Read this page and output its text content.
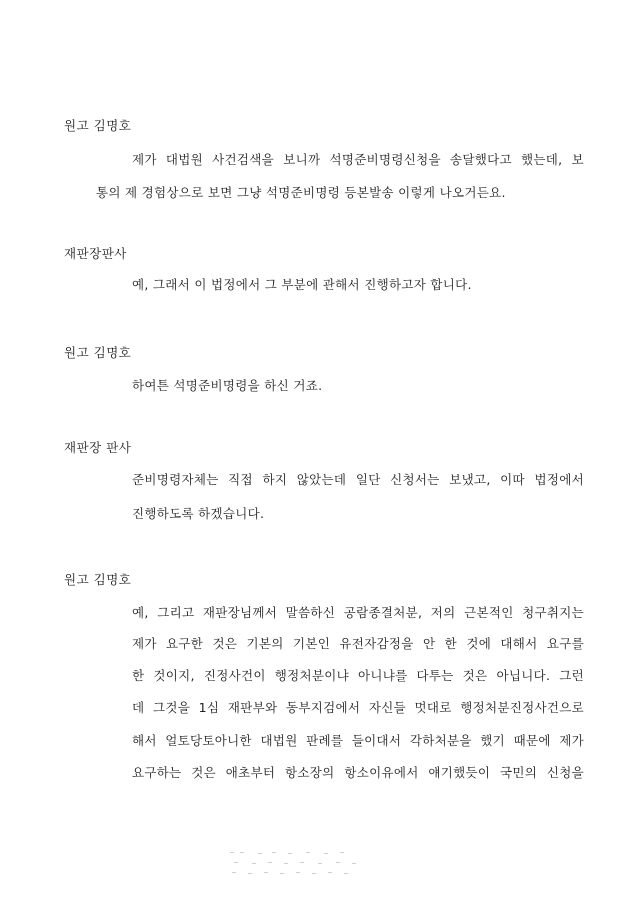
원고 김명호
제가 대법원 사건검색을 보니까 석명준비명령신청을 송달했다고 했는데, 보
통의 제 경험상으로 보면 그냥 석명준비명령 등본발송 이렇게 나오거든요.
재판장판사
예, 그래서 이 법정에서 그 부분에 관해서 진행하고자 합니다.
원고 김명호
하여튼 석명준비명령을 하신 거죠.
재판장 판사
준비명령자체는 직접 하지 않았는데 일단 신청서는 보냈고, 이따 법정에서
진행하도록 하겠습니다.
원고 김명호
예, 그리고 재판장님께서 말씀하신 공람종결처분, 저의 근본적인 청구취지는
제가 요구한 것은 기본의 기본인 유전자감정을 안 한 것에 대해서 요구를
한 것이지, 진정사건이 행정처분이냐 아니냐를 다투는 것은 아닙니다. 그런
데 그것을 1심 재판부와 동부지검에서 자신들 멋대로 행정처분진정사건으로
해서 얼토당토아니한 대법원 판례를 들이대서 각하처분을 했기 때문에 제가
요구하는 것은 애초부터 항소장의 항소이유에서 얘기했듯이 국민의 신청을
